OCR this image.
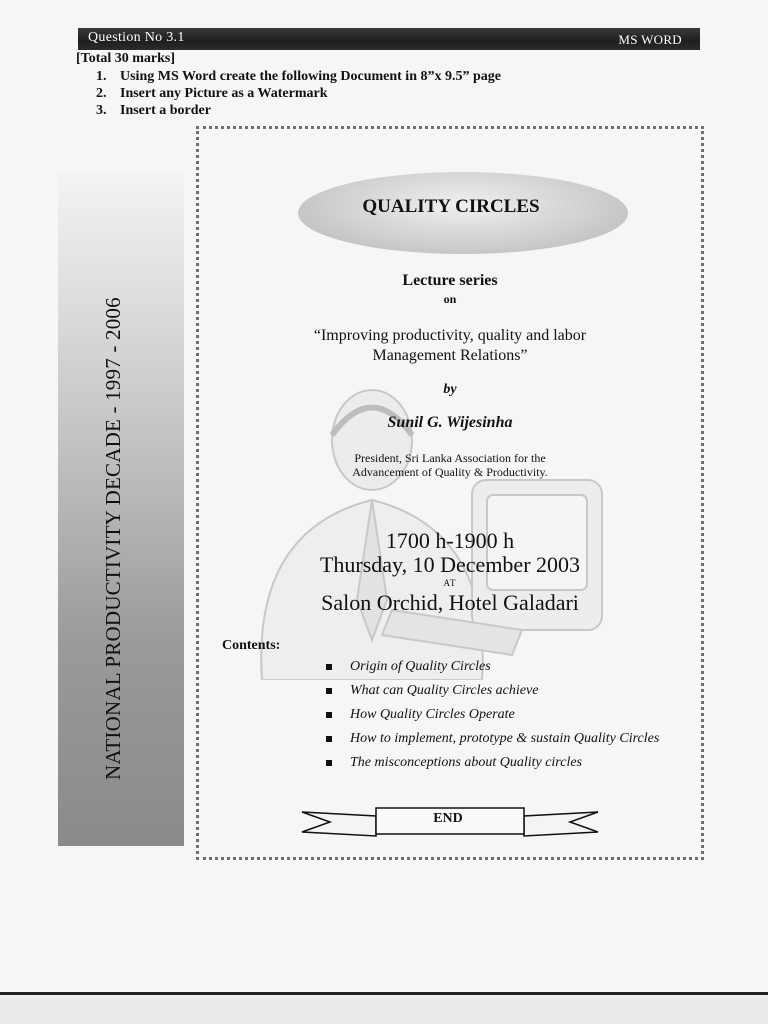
Question No 3.1	MS WORD
[Total 30 marks]
1. Using MS Word create the following Document in 8”x 9.5” page
2. Insert any Picture as a Watermark
3. Insert a border
NATIONAL PRODUCTIVITY DECADE - 1997 - 2006
QUALITY CIRCLES
Lecture series
on
“Improving productivity, quality and labor
Management Relations”
by
Sunil G. Wijesinha
President, Sri Lanka Association for the
Advancement of Quality & Productivity.
1700 h-1900 h
Thursday, 10 December 2003
AT
Salon Orchid, Hotel Galadari
Contents:
Origin of Quality Circles
What can Quality Circles achieve
How Quality Circles Operate
How to implement, prototype & sustain Quality Circles
The misconceptions about Quality circles
END
